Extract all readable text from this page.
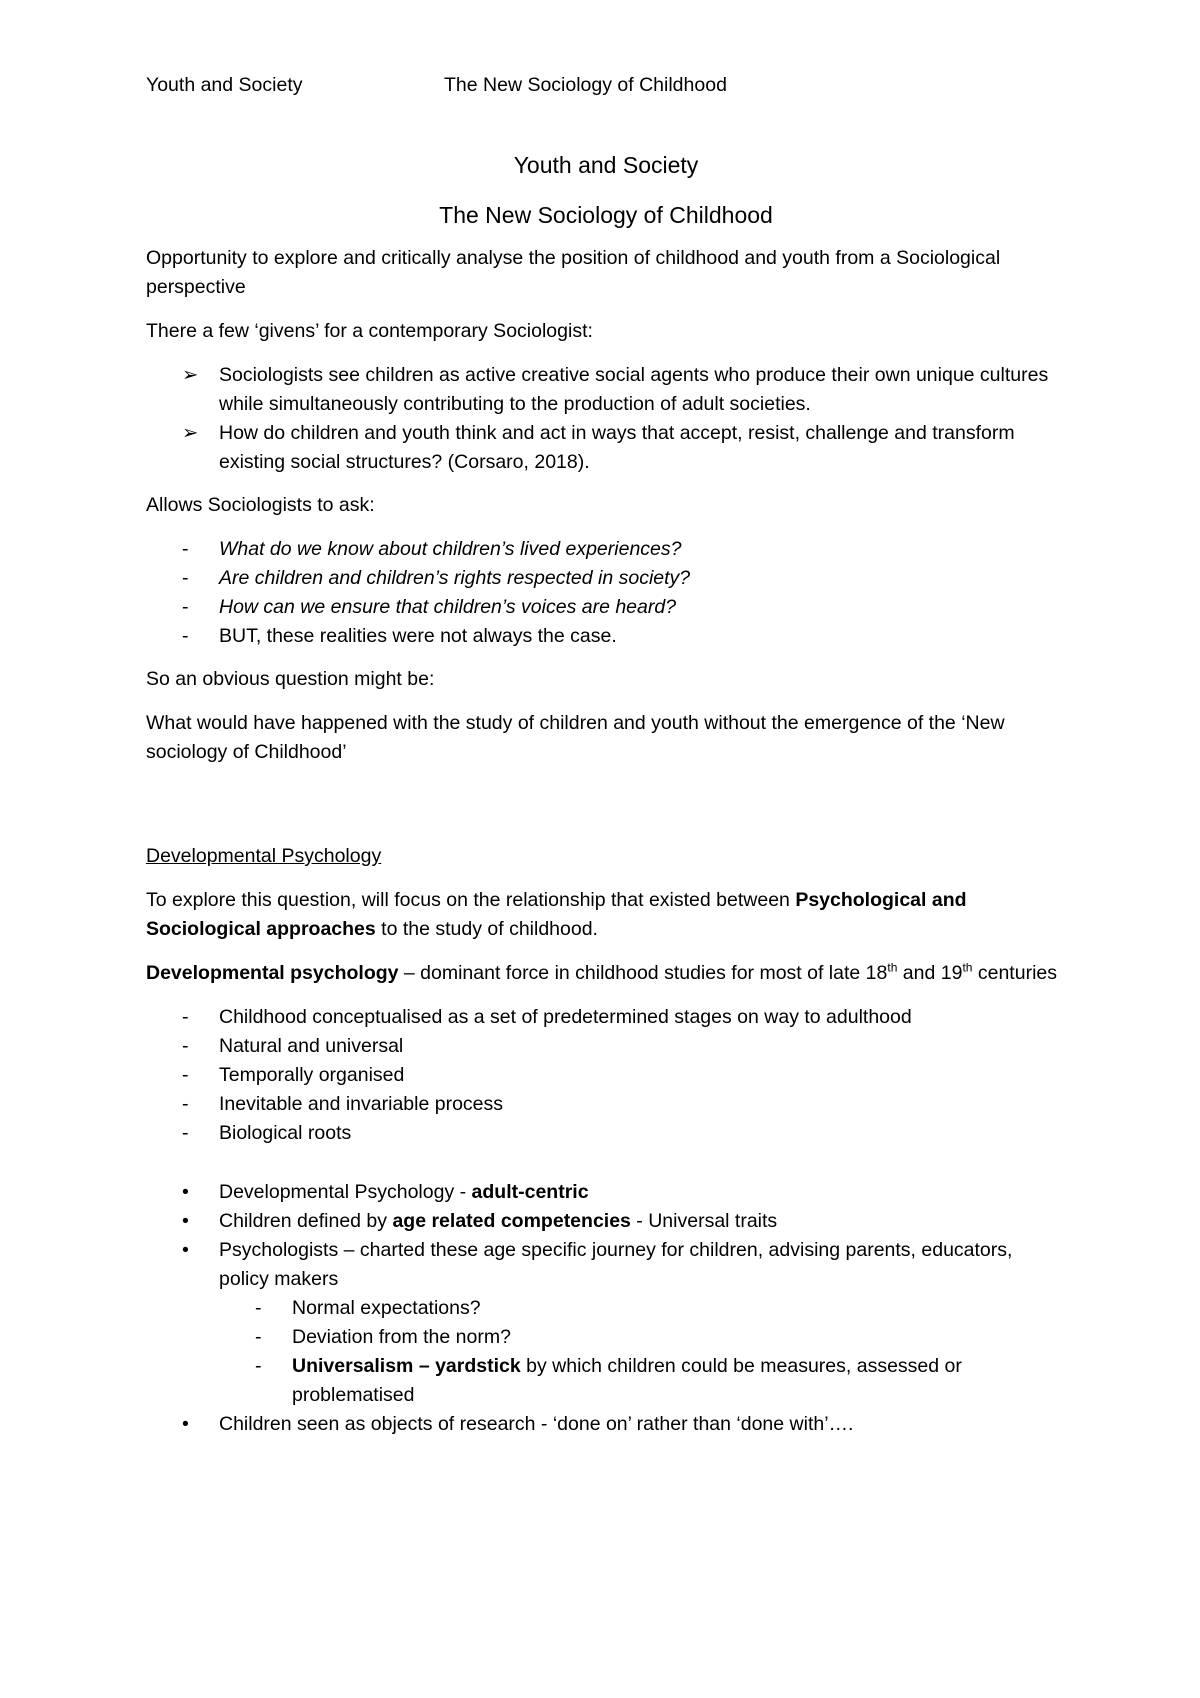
Youth and Society	The New Sociology of Childhood
Youth and Society
The New Sociology of Childhood

Opportunity to explore and critically analyse the position of childhood and youth from a Sociological perspective

There a few ‘givens’ for a contemporary Sociologist:

➢ Sociologists see children as active creative social agents who produce their own unique cultures while simultaneously contributing to the production of adult societies.
➢ How do children and youth think and act in ways that accept, resist, challenge and transform existing social structures? (Corsaro, 2018).

Allows Sociologists to ask:

- What do we know about children’s lived experiences?
- Are children and children’s rights respected in society?
- How can we ensure that children’s voices are heard?
- BUT, these realities were not always the case.

So an obvious question might be:

What would have happened with the study of children and youth without the emergence of the ‘New sociology of Childhood’

Developmental Psychology

To explore this question, will focus on the relationship that existed between Psychological and Sociological approaches to the study of childhood.

Developmental psychology – dominant force in childhood studies for most of late 18th and 19th centuries

- Childhood conceptualised as a set of predetermined stages on way to adulthood
- Natural and universal
- Temporally organised
- Inevitable and invariable process
- Biological roots
• Developmental Psychology - adult-centric
• Children defined by age related competencies - Universal traits
• Psychologists – charted these age specific journey for children, advising parents, educators, policy makers
- Normal expectations?
- Deviation from the norm?
- Universalism – yardstick by which children could be measures, assessed or problematised
• Children seen as objects of research - ‘done on’ rather than ‘done with’….
